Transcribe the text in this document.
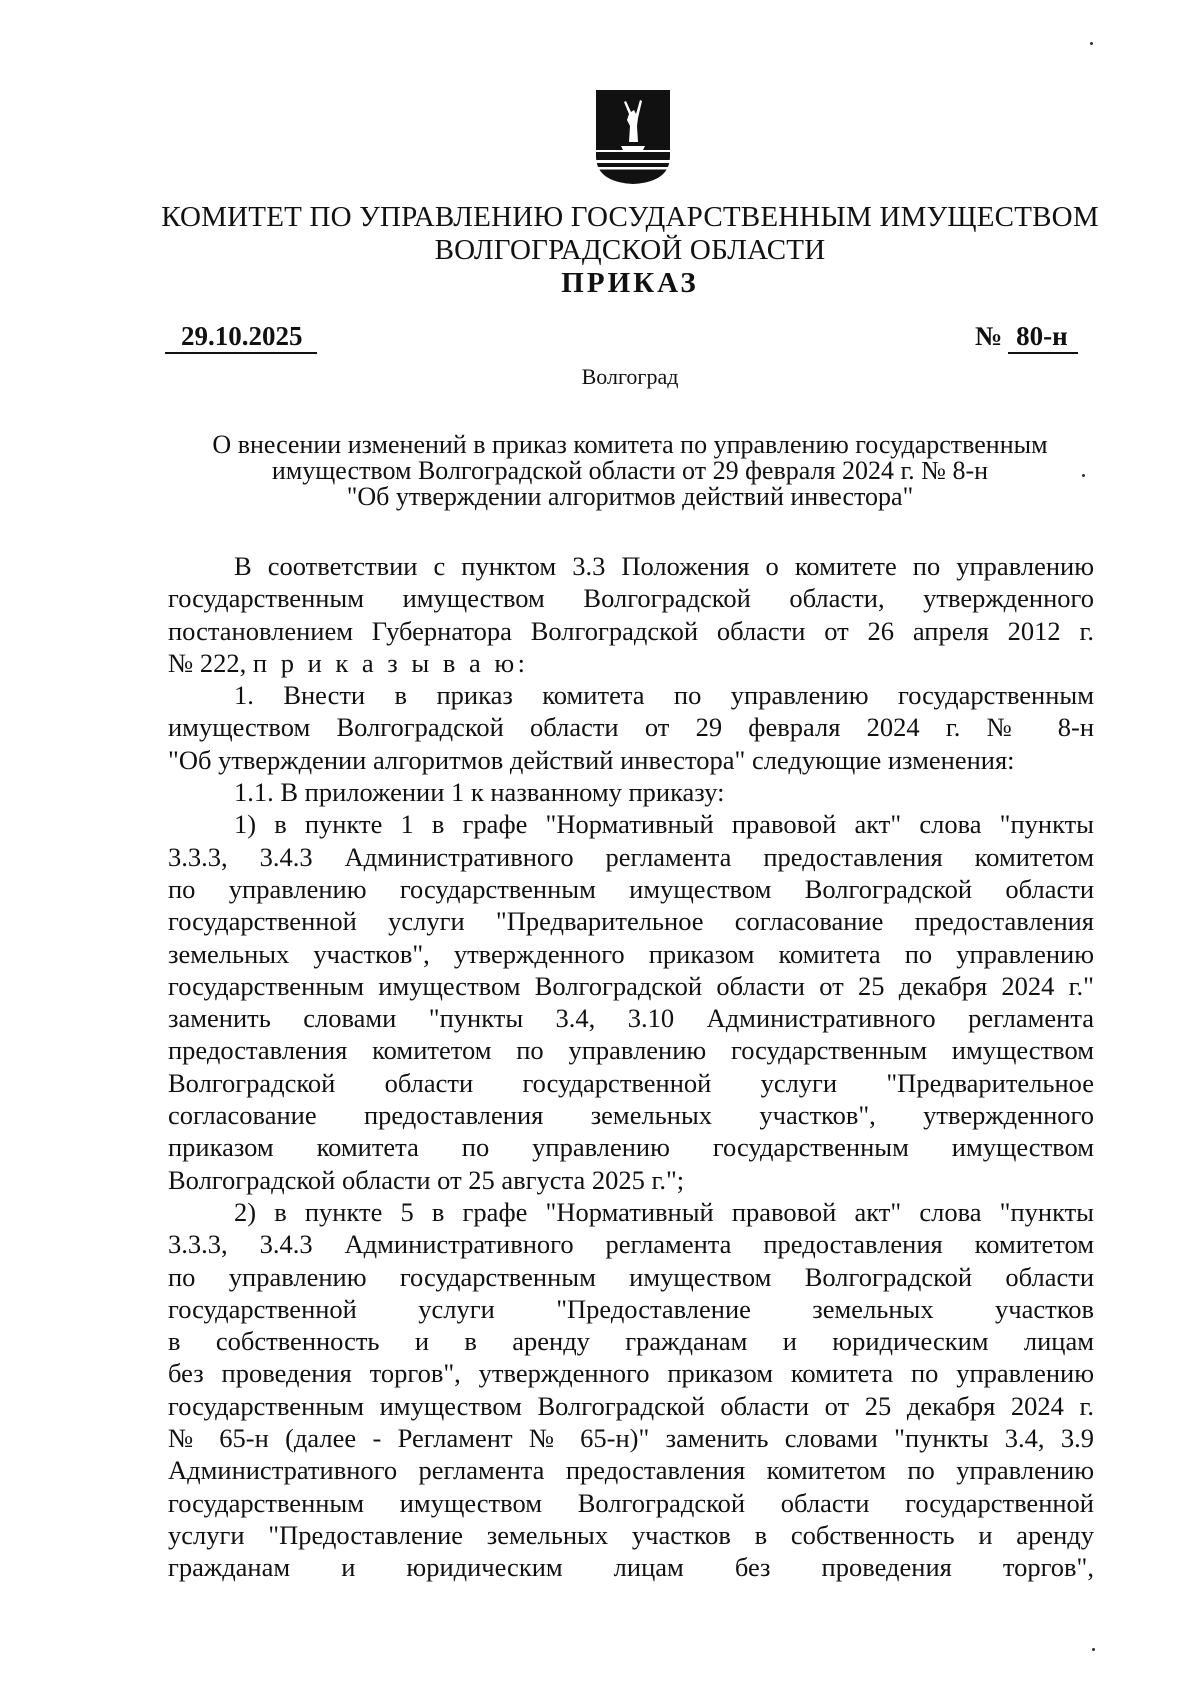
КОМИТЕТ ПО УПРАВЛЕНИЮ ГОСУДАРСТВЕННЫМ ИМУЩЕСТВОМ
ВОЛГОГРАДСКОЙ ОБЛАСТИ
ПРИКАЗ
29.10.2025	№ 80-н
Волгоград
О внесении изменений в приказ комитета по управлению государственным
имуществом Волгоградской области от 29 февраля 2024 г. № 8-н
"Об утверждении алгоритмов действий инвестора"
В соответствии с пунктом 3.3 Положения о комитете по управлению
государственным имуществом Волгоградской области, утвержденного
постановлением Губернатора Волгоградской области от 26 апреля 2012 г.
№ 222, п р и к а з ы в а ю:
1. Внести в приказ комитета по управлению государственным
имуществом Волгоградской области от 29 февраля 2024 г. № 8-н
"Об утверждении алгоритмов действий инвестора" следующие изменения:
1.1. В приложении 1 к названному приказу:
1) в пункте 1 в графе "Нормативный правовой акт" слова "пункты
3.3.3, 3.4.3 Административного регламента предоставления комитетом
по управлению государственным имуществом Волгоградской области
государственной услуги "Предварительное согласование предоставления
земельных участков", утвержденного приказом комитета по управлению
государственным имуществом Волгоградской области от 25 декабря 2024 г."
заменить словами "пункты 3.4, 3.10 Административного регламента
предоставления комитетом по управлению государственным имуществом
Волгоградской области государственной услуги "Предварительное
согласование предоставления земельных участков", утвержденного
приказом комитета по управлению государственным имуществом
Волгоградской области от 25 августа 2025 г.";
2) в пункте 5 в графе "Нормативный правовой акт" слова "пункты
3.3.3, 3.4.3 Административного регламента предоставления комитетом
по управлению государственным имуществом Волгоградской области
государственной услуги "Предоставление земельных участков
в собственность и в аренду гражданам и юридическим лицам
без проведения торгов", утвержденного приказом комитета по управлению
государственным имуществом Волгоградской области от 25 декабря 2024 г.
№ 65-н (далее - Регламент № 65-н)" заменить словами "пункты 3.4, 3.9
Административного регламента предоставления комитетом по управлению
государственным имуществом Волгоградской области государственной
услуги "Предоставление земельных участков в собственность и аренду
гражданам и юридическим лицам без проведения торгов",
